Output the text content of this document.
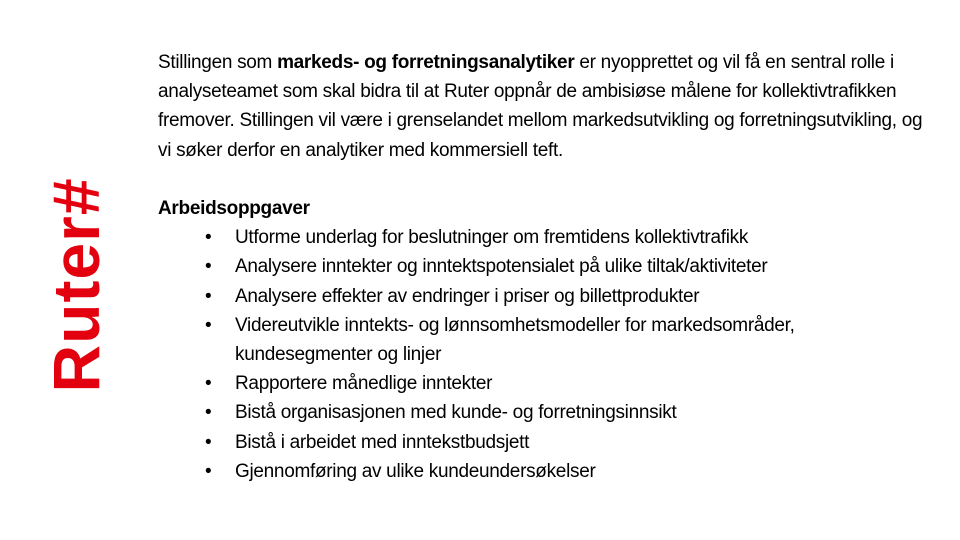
Ruter#

Stillingen som markeds- og forretningsanalytiker er nyopprettet og vil få en sentral rolle i analyseteamet som skal bidra til at Ruter oppnår de ambisiøse målene for kollektivtrafikken fremover. Stillingen vil være i grenselandet mellom markedsutvikling og forretningsutvikling, og vi søker derfor en analytiker med kommersiell teft.

Arbeidsoppgaver
• Utforme underlag for beslutninger om fremtidens kollektivtrafikk
• Analysere inntekter og inntektspotensialet på ulike tiltak/aktiviteter
• Analysere effekter av endringer i priser og billettprodukter
• Videreutvikle inntekts- og lønnsomhetsmodeller for markedsområder, kundesegmenter og linjer
• Rapportere månedlige inntekter
• Bistå organisasjonen med kunde- og forretningsinnsikt
• Bistå i arbeidet med inntekstbudsjett
• Gjennomføring av ulike kundeundersøkelser
